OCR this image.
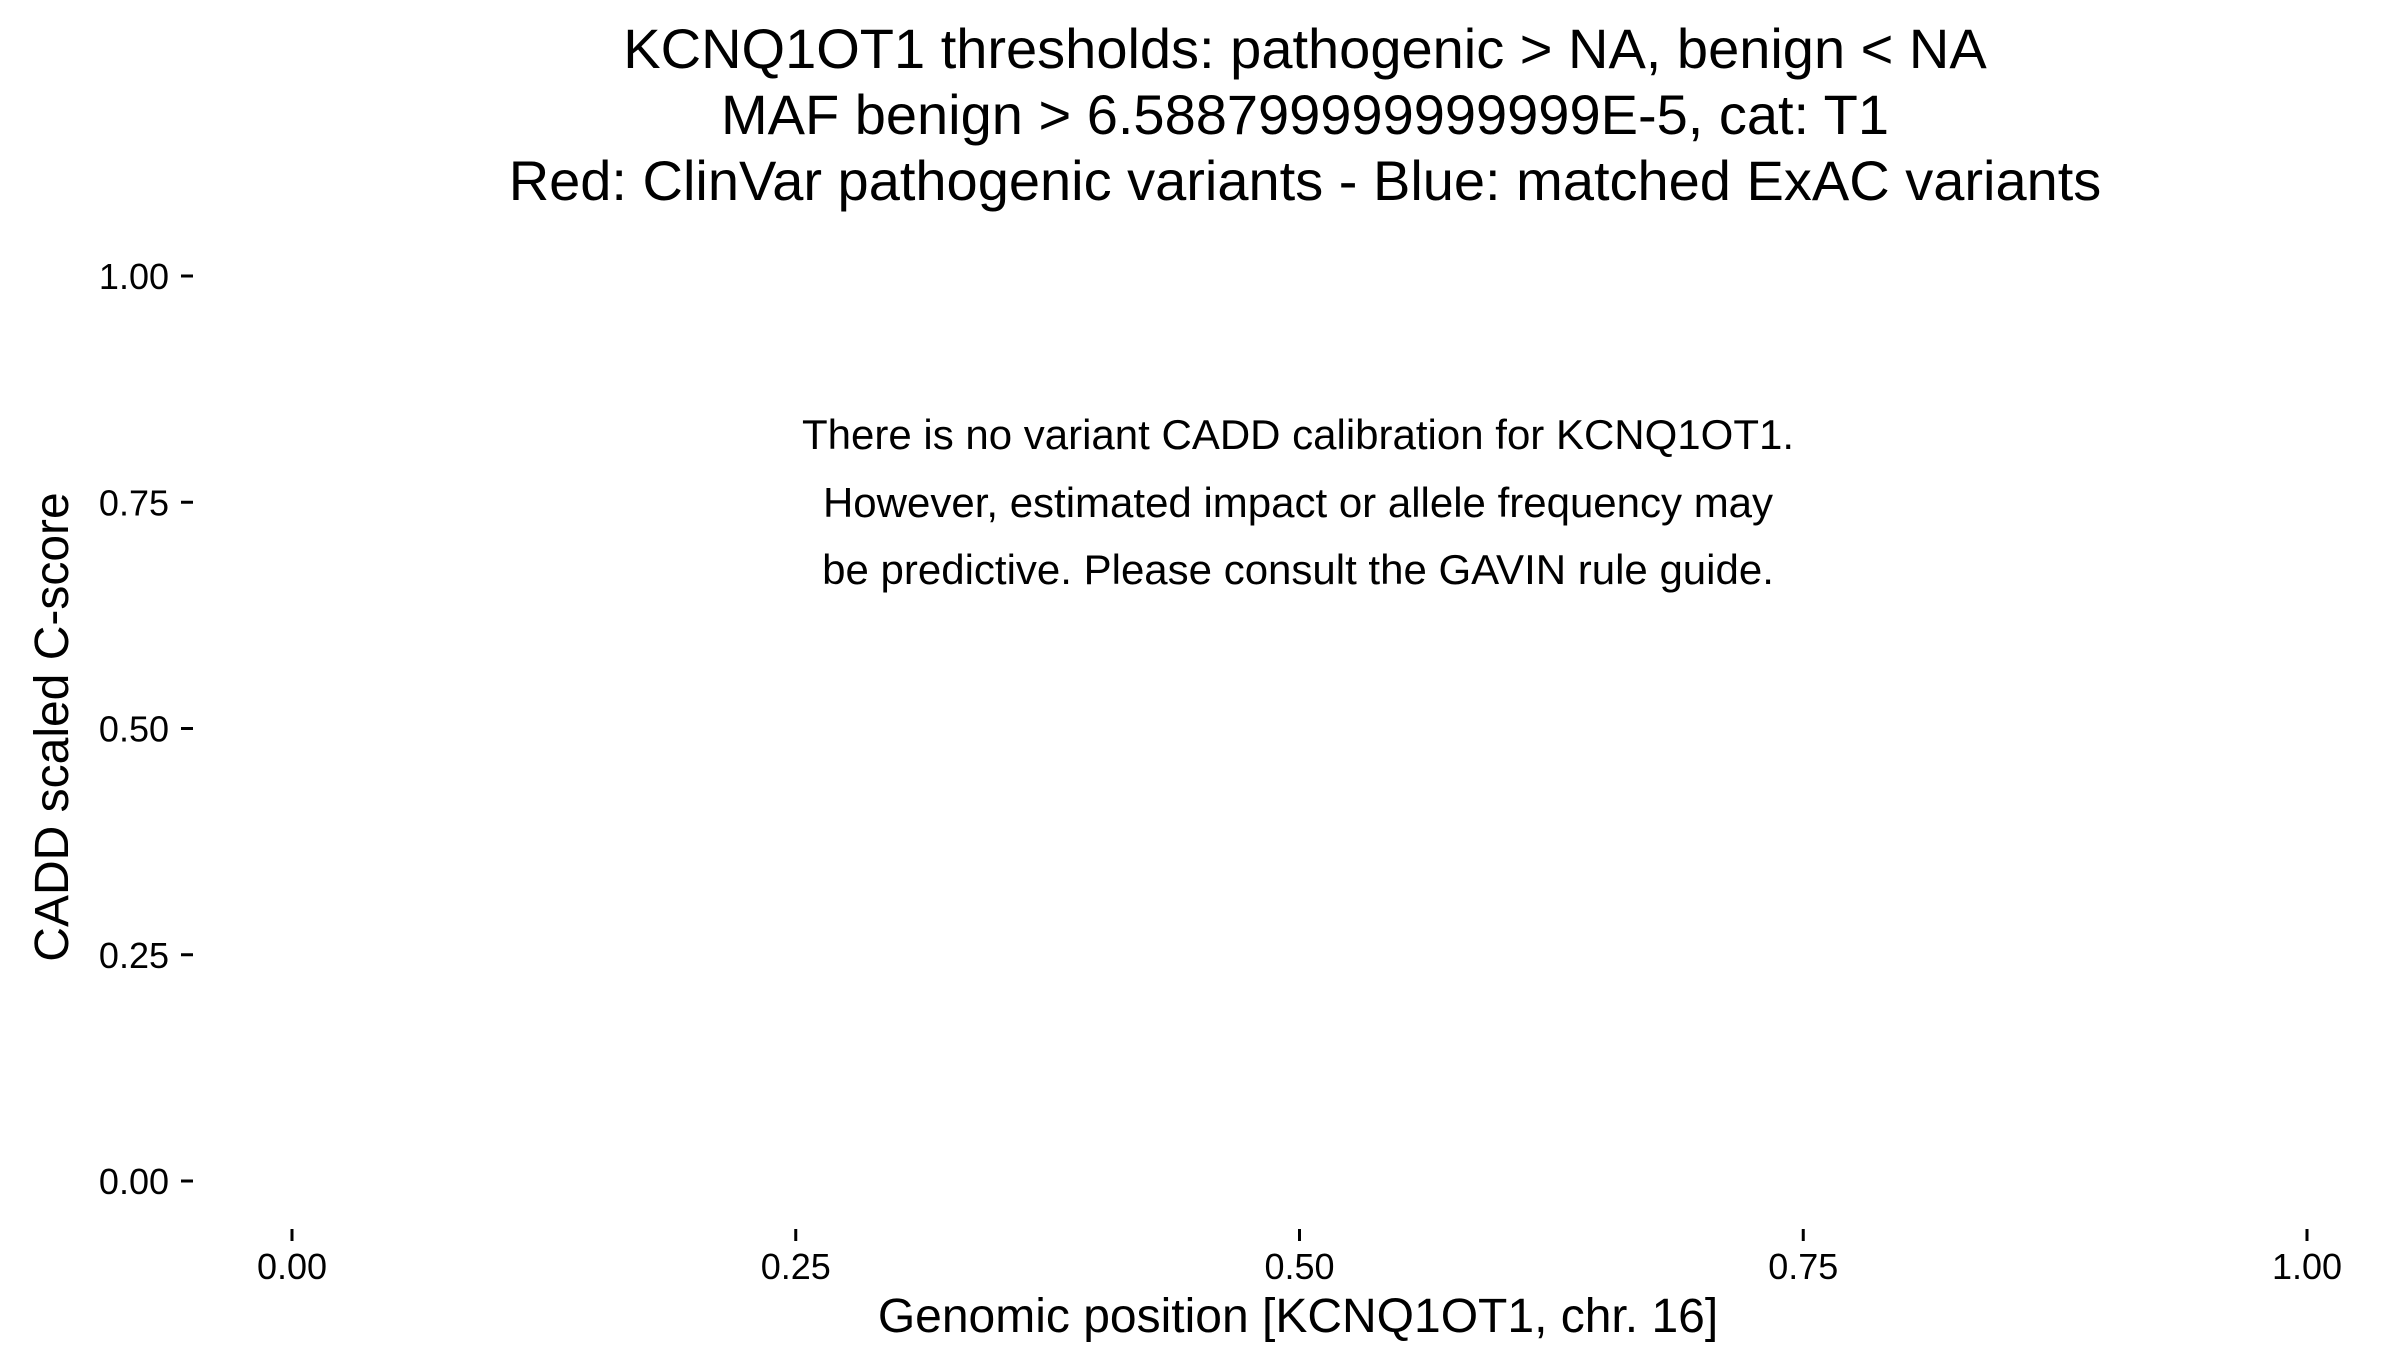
KCNQ1OT1 thresholds: pathogenic > NA, benign < NA
MAF benign > 6.588799999999999E-5, cat: T1
Red: ClinVar pathogenic variants - Blue: matched ExAC variants
There is no variant CADD calibration for KCNQ1OT1.
However, estimated impact or allele frequency may
be predictive. Please consult the GAVIN rule guide.
0.00
0.25
0.50
0.75
1.00
0.00	0.25	0.50	0.75	1.00
Genomic position [KCNQ1OT1, chr. 16]
CADD scaled C-score
